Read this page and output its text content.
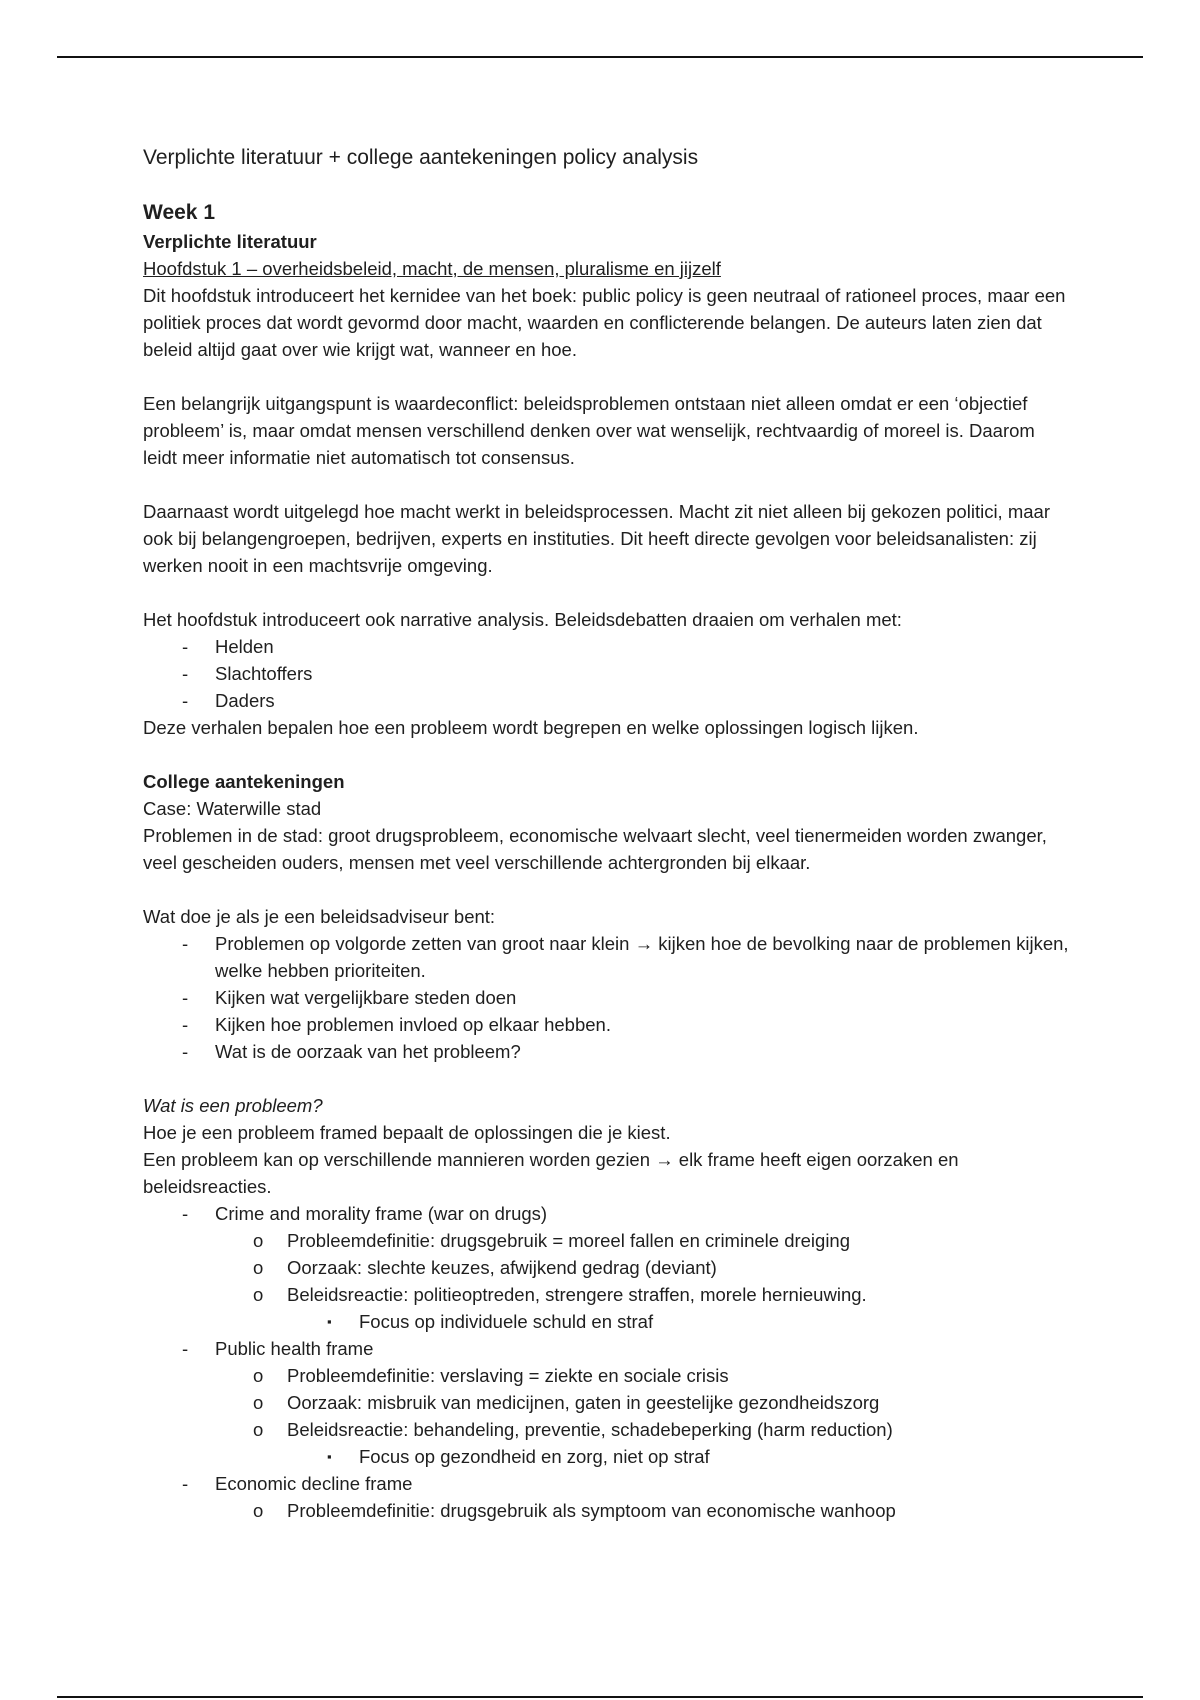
Verplichte literatuur + college aantekeningen policy analysis

Week 1

Verplichte literatuur

Hoofdstuk 1 – overheidsbeleid, macht, de mensen, pluralisme en jijzelf

Dit hoofdstuk introduceert het kernidee van het boek: public policy is geen neutraal of rationeel proces, maar een politiek proces dat wordt gevormd door macht, waarden en conflicterende belangen. De auteurs laten zien dat beleid altijd gaat over wie krijgt wat, wanneer en hoe.

Een belangrijk uitgangspunt is waardeconflict: beleidsproblemen ontstaan niet alleen omdat er een ‘objectief probleem’ is, maar omdat mensen verschillend denken over wat wenselijk, rechtvaardig of moreel is. Daarom leidt meer informatie niet automatisch tot consensus.

Daarnaast wordt uitgelegd hoe macht werkt in beleidsprocessen. Macht zit niet alleen bij gekozen politici, maar ook bij belangengroepen, bedrijven, experts en instituties. Dit heeft directe gevolgen voor beleidsanalisten: zij werken nooit in een machtsvrije omgeving.

Het hoofdstuk introduceert ook narrative analysis. Beleidsdebatten draaien om verhalen met:

- Helden
- Slachtoffers
- Daders

Deze verhalen bepalen hoe een probleem wordt begrepen en welke oplossingen logisch lijken.

College aantekeningen

Case: Waterwille stad

Problemen in de stad: groot drugsprobleem, economische welvaart slecht, veel tienermeiden worden zwanger, veel gescheiden ouders, mensen met veel verschillende achtergronden bij elkaar.

Wat doe je als je een beleidsadviseur bent:

- Problemen op volgorde zetten van groot naar klein → kijken hoe de bevolking naar de problemen kijken, welke hebben prioriteiten.
- Kijken wat vergelijkbare steden doen
- Kijken hoe problemen invloed op elkaar hebben.
- Wat is de oorzaak van het probleem?

Wat is een probleem?

Hoe je een probleem framed bepaalt de oplossingen die je kiest.

Een probleem kan op verschillende mannieren worden gezien → elk frame heeft eigen oorzaken en beleidsreacties.

- Crime and morality frame (war on drugs)
o Probleemdefinitie: drugsgebruik = moreel fallen en criminele dreiging
o Oorzaak: slechte keuzes, afwijkend gedrag (deviant)
o Beleidsreactie: politieoptreden, strengere straffen, morele hernieuwing.
▪ Focus op individuele schuld en straf
- Public health frame
o Probleemdefinitie: verslaving = ziekte en sociale crisis
o Oorzaak: misbruik van medicijnen, gaten in geestelijke gezondheidszorg
o Beleidsreactie: behandeling, preventie, schadebeperking (harm reduction)
▪ Focus op gezondheid en zorg, niet op straf
- Economic decline frame
o Probleemdefinitie: drugsgebruik als symptoom van economische wanhoop
